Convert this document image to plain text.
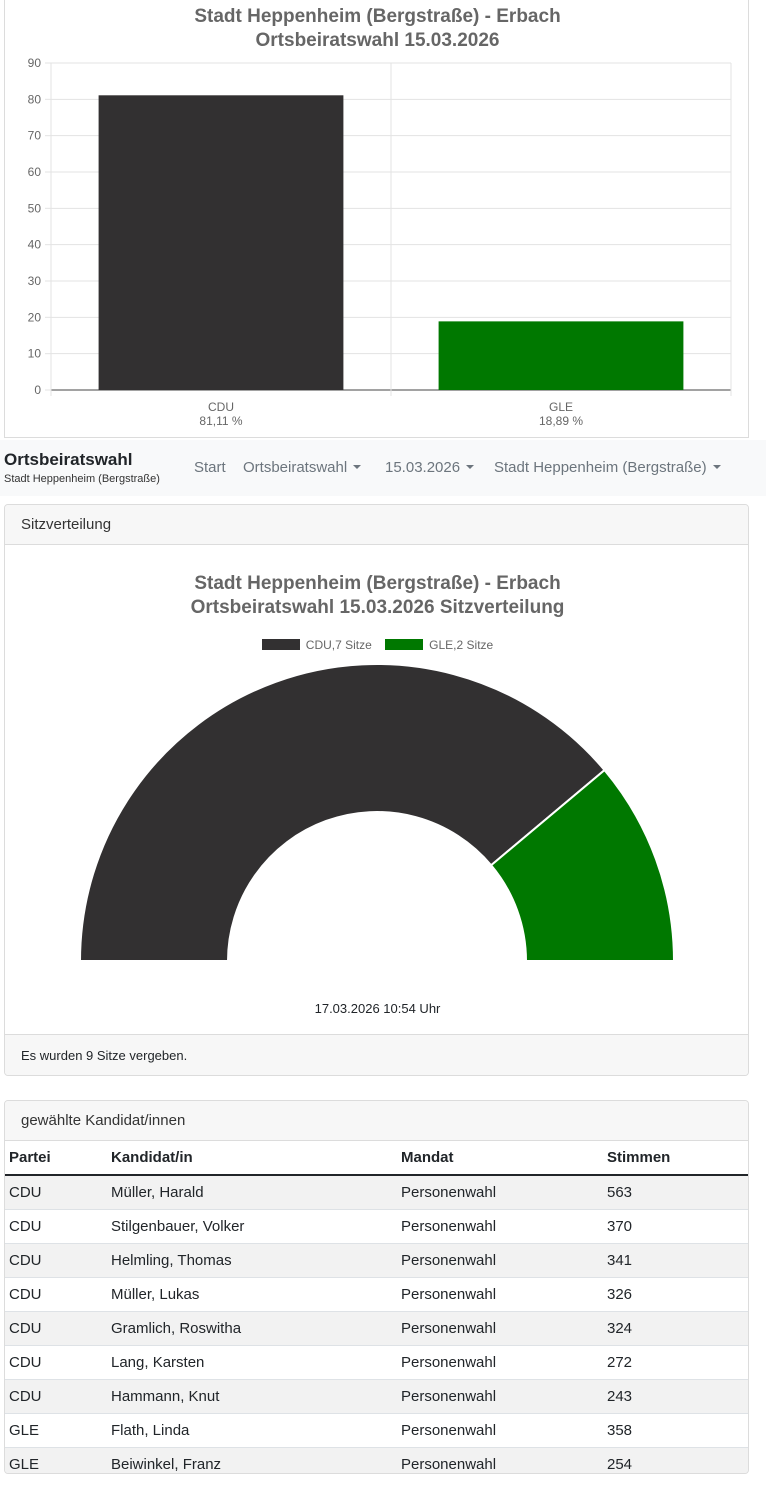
Stadt Heppenheim (Bergstraße) - Erbach
Ortsbeiratswahl 15.03.2026
0
10
20
30
40
50
60
70
80
90
CDU
81,11 %
GLE
18,89 %
Ortsbeiratswahl
Stadt Heppenheim (Bergstraße)
Start Ortsbeiratswahl	15.03.2026	Stadt Heppenheim (Bergstraße)
Sitzverteilung
Stadt Heppenheim (Bergstraße) - Erbach
Ortsbeiratswahl 15.03.2026 Sitzverteilung
CDU,7 Sitze	GLE,2 Sitze
17.03.2026 10:54 Uhr
Es wurden 9 Sitze vergeben.
gewählte Kandidat/innen
Partei	Kandidat/in	Mandat	Stimmen
CDU	Müller, Harald	Personenwahl	563
CDU	Stilgenbauer, Volker	Personenwahl	370
CDU	Helmling, Thomas	Personenwahl	341
CDU	Müller, Lukas	Personenwahl	326
CDU	Gramlich, Roswitha	Personenwahl	324
CDU	Lang, Karsten	Personenwahl	272
CDU	Hammann, Knut	Personenwahl	243
GLE	Flath, Linda	Personenwahl	358
GLE	Beiwinkel, Franz	Personenwahl	254
